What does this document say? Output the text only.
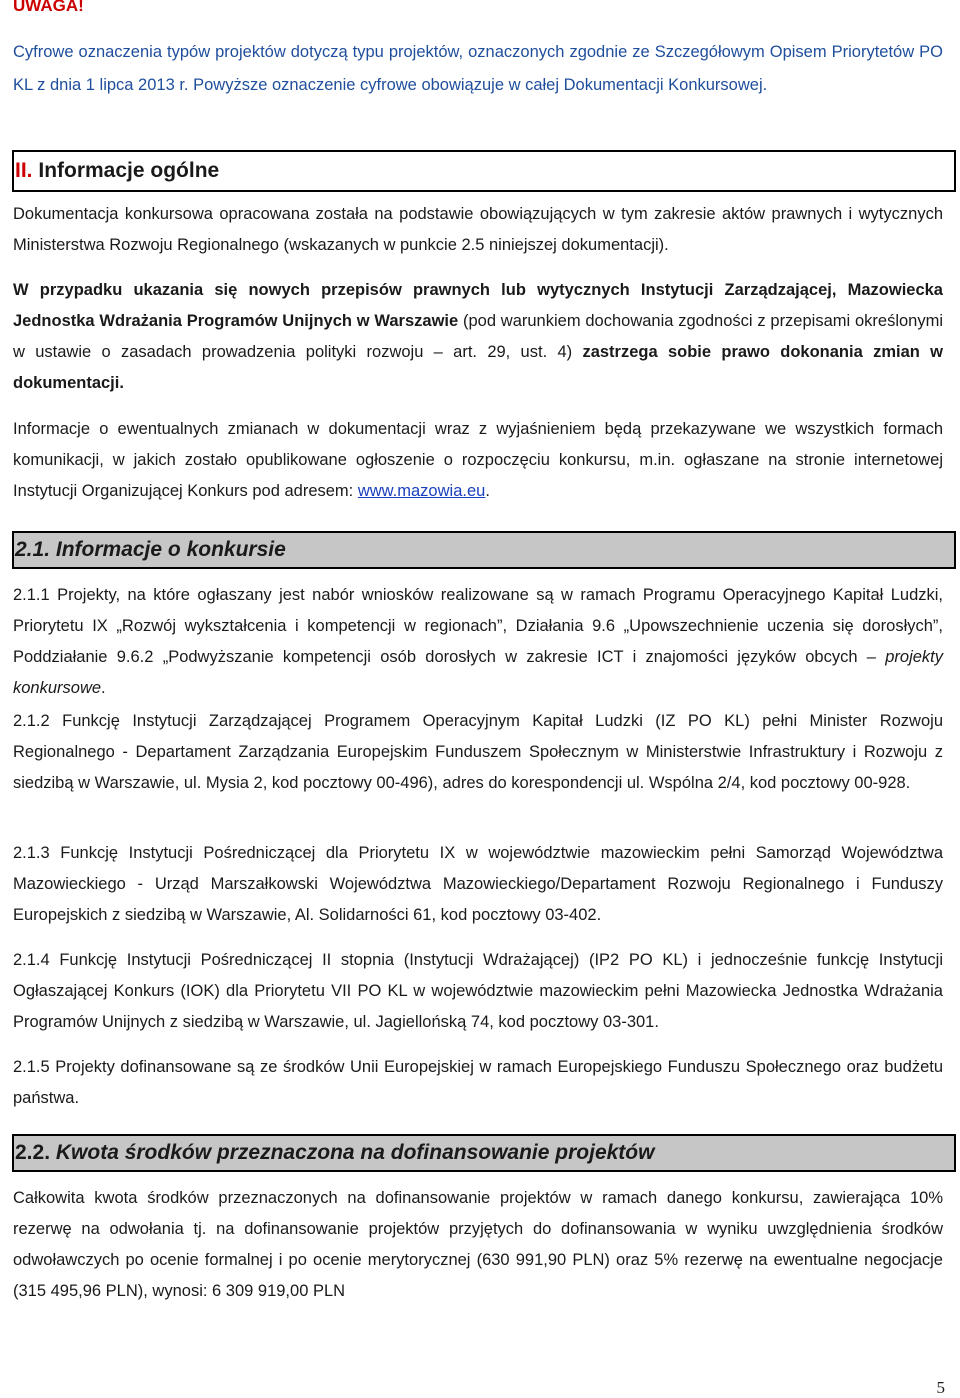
UWAGA!

Cyfrowe oznaczenia typów projektów dotyczą typu projektów, oznaczonych zgodnie ze Szczegółowym Opisem Priorytetów PO KL z dnia 1 lipca 2013 r. Powyższe oznaczenie cyfrowe obowiązuje w całej Dokumentacji Konkursowej.

II. Informacje ogólne

Dokumentacja konkursowa opracowana została na podstawie obowiązujących w tym zakresie aktów prawnych i wytycznych Ministerstwa Rozwoju Regionalnego (wskazanych w punkcie 2.5 niniejszej dokumentacji).

W przypadku ukazania się nowych przepisów prawnych lub wytycznych Instytucji Zarządzającej, Mazowiecka Jednostka Wdrażania Programów Unijnych w Warszawie (pod warunkiem dochowania zgodności z przepisami określonymi w ustawie o zasadach prowadzenia polityki rozwoju – art. 29, ust. 4) zastrzega sobie prawo dokonania zmian w dokumentacji.

Informacje o ewentualnych zmianach w dokumentacji wraz z wyjaśnieniem będą przekazywane we wszystkich formach komunikacji, w jakich zostało opublikowane ogłoszenie o rozpoczęciu konkursu, m.in. ogłaszane na stronie internetowej Instytucji Organizującej Konkurs pod adresem: www.mazowia.eu.

2.1. Informacje o konkursie

2.1.1 Projekty, na które ogłaszany jest nabór wniosków realizowane są w ramach Programu Operacyjnego Kapitał Ludzki, Priorytetu IX „Rozwój wykształcenia i kompetencji w regionach”, Działania 9.6 „Upowszechnienie uczenia się dorosłych”, Poddziałanie 9.6.2 „Podwyższanie kompetencji osób dorosłych w zakresie ICT i znajomości języków obcych – projekty konkursowe.

2.1.2 Funkcję Instytucji Zarządzającej Programem Operacyjnym Kapitał Ludzki (IZ PO KL) pełni Minister Rozwoju Regionalnego - Departament Zarządzania Europejskim Funduszem Społecznym w Ministerstwie Infrastruktury i Rozwoju z siedzibą w Warszawie, ul. Mysia 2, kod pocztowy 00-496), adres do korespondencji ul. Wspólna 2/4, kod pocztowy 00-928.

2.1.3 Funkcję Instytucji Pośredniczącej dla Priorytetu IX w województwie mazowieckim pełni Samorząd Województwa Mazowieckiego - Urząd Marszałkowski Województwa Mazowieckiego/Departament Rozwoju Regionalnego i Funduszy Europejskich z siedzibą w Warszawie, Al. Solidarności 61, kod pocztowy 03-402.

2.1.4 Funkcję Instytucji Pośredniczącej II stopnia (Instytucji Wdrażającej) (IP2 PO KL) i jednocześnie funkcję Instytucji Ogłaszającej Konkurs (IOK) dla Priorytetu VII PO KL w województwie mazowieckim pełni Mazowiecka Jednostka Wdrażania Programów Unijnych z siedzibą w Warszawie, ul. Jagiellońską 74, kod pocztowy 03-301.

2.1.5 Projekty dofinansowane są ze środków Unii Europejskiej w ramach Europejskiego Funduszu Społecznego oraz budżetu państwa.

2.2. Kwota środków przeznaczona na dofinansowanie projektów

Całkowita kwota środków przeznaczonych na dofinansowanie projektów w ramach danego konkursu, zawierająca 10% rezerwę na odwołania tj. na dofinansowanie projektów przyjętych do dofinansowania w wyniku uwzględnienia środków odwoławczych po ocenie formalnej i po ocenie merytorycznej (630 991,90 PLN) oraz 5% rezerwę na ewentualne negocjacje (315 495,96 PLN), wynosi: 6 309 919,00 PLN

5
